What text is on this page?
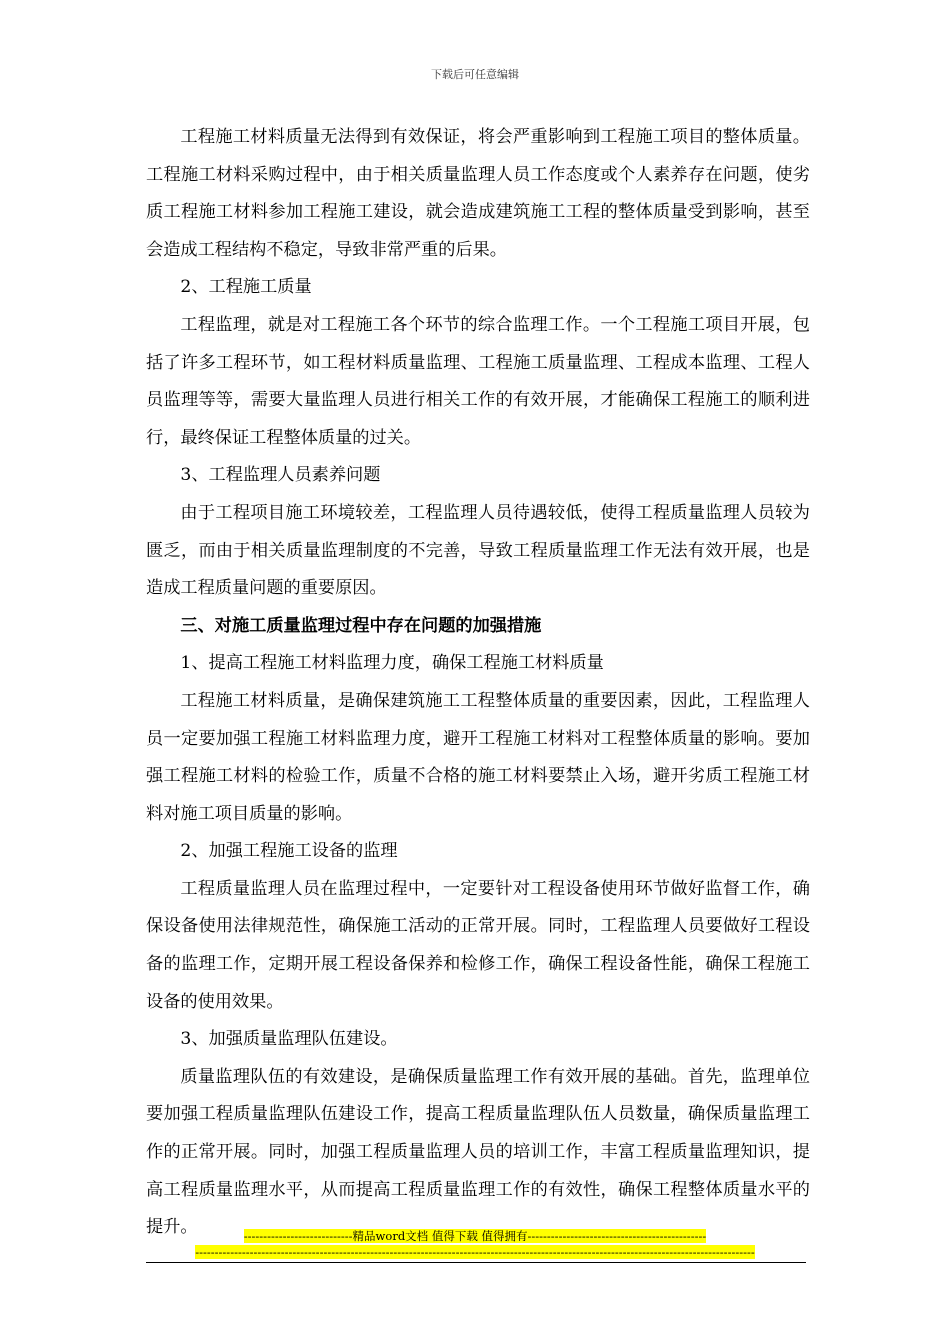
下载后可任意编辑

工程施工材料质量无法得到有效保证，将会严重影响到工程施工项目的整体质量。工程施工材料采购过程中，由于相关质量监理人员工作态度或个人素养存在问题，使劣质工程施工材料参加工程施工建设，就会造成建筑施工工程的整体质量受到影响，甚至会造成工程结构不稳定，导致非常严重的后果。

2、工程施工质量

工程监理，就是对工程施工各个环节的综合监理工作。一个工程施工项目开展，包括了许多工程环节，如工程材料质量监理、工程施工质量监理、工程成本监理、工程人员监理等等，需要大量监理人员进行相关工作的有效开展，才能确保工程施工的顺利进行，最终保证工程整体质量的过关。

3、工程监理人员素养问题

由于工程项目施工环境较差，工程监理人员待遇较低，使得工程质量监理人员较为匮乏，而由于相关质量监理制度的不完善，导致工程质量监理工作无法有效开展，也是造成工程质量问题的重要原因。

三、对施工质量监理过程中存在问题的加强措施

1、提高工程施工材料监理力度，确保工程施工材料质量

工程施工材料质量，是确保建筑施工工程整体质量的重要因素，因此，工程监理人员一定要加强工程施工材料监理力度，避开工程施工材料对工程整体质量的影响。要加强工程施工材料的检验工作，质量不合格的施工材料要禁止入场，避开劣质工程施工材料对施工项目质量的影响。

2、加强工程施工设备的监理

工程质量监理人员在监理过程中，一定要针对工程设备使用环节做好监督工作，确保设备使用法律规范性，确保施工活动的正常开展。同时，工程监理人员要做好工程设备的监理工作，定期开展工程设备保养和检修工作，确保工程设备性能，确保工程施工设备的使用效果。

3、加强质量监理队伍建设。

质量监理队伍的有效建设，是确保质量监理工作有效开展的基础。首先，监理单位要加强工程质量监理队伍建设工作，提高工程质量监理队伍人员数量，确保质量监理工作的正常开展。同时，加强工程质量监理人员的培训工作，丰富工程质量监理知识，提高工程质量监理水平，从而提高工程质量监理工作的有效性，确保工程整体质量水平的提升。	----------------------------精品word文档 值得下载 值得拥有----------------------------------------------
------------------------------------------------------------------------------------------------------------------------------------------------
